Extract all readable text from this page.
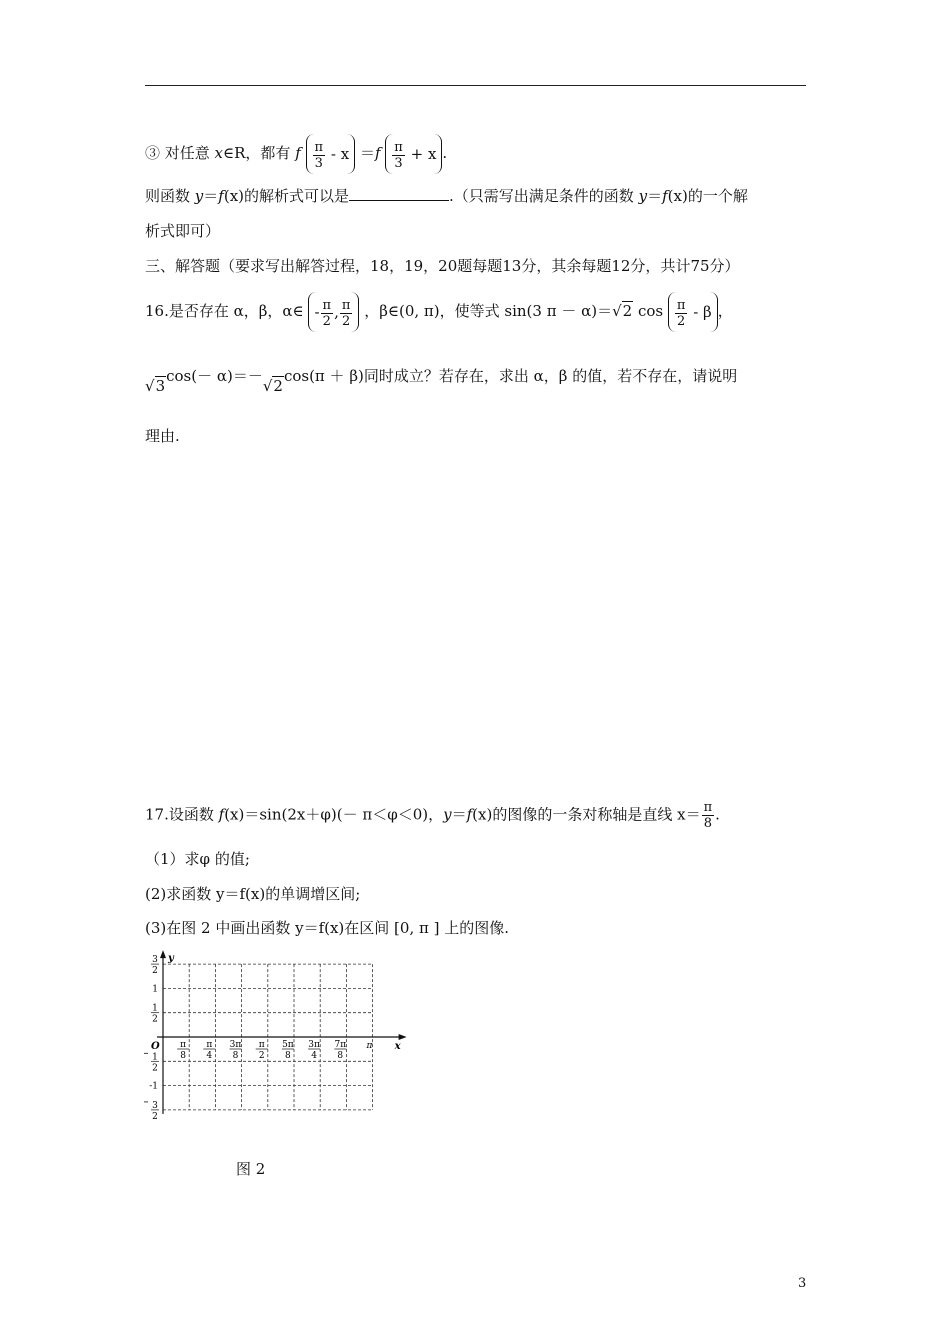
③ 对任意 x∈R，都有 f $\frac{\pi}{3} - x =f \frac{\pi}{3} + x$ .
则函数 y＝f(x)的解析式可以是	.（只需写出满足条件的函数 y＝f(x)的一个解
析式即可）
三、解答题（要求写出解答过程，18，19，20题每题13分，其余每题12分，共计75分）
16.是否存在 α，β，α∈ - $\frac{\pi}{2}$ , $\frac{\pi}{2}$ ，β∈(0, π)，使等式 sin(3 π － α)＝√2 $\cos \frac{\pi}{2}$ - β ，
√3cos(－ α)＝－√2cos(π ＋ β)同时成立？若存在，求出 α，β 的值，若不存在，请说明
理由.
17.设函数 f(x)＝sin(2x＋φ)(－ π＜φ＜0)，y＝f(x)的图像的一条对称轴是直线 $x= \frac{\pi}{8}$ .
（1）求φ 的值;
(2)求函数 y＝f(x)的单调增区间;
(3)在图 2 中画出函数 y＝f(x)在区间 [0, π ] 上的图像.
y
x
O
3
2
1
1
2
1
2
-1
3
2
π
8
π
4
3π
8
π
2
5π
8
3π
4
7π
8
π
图 2
3
